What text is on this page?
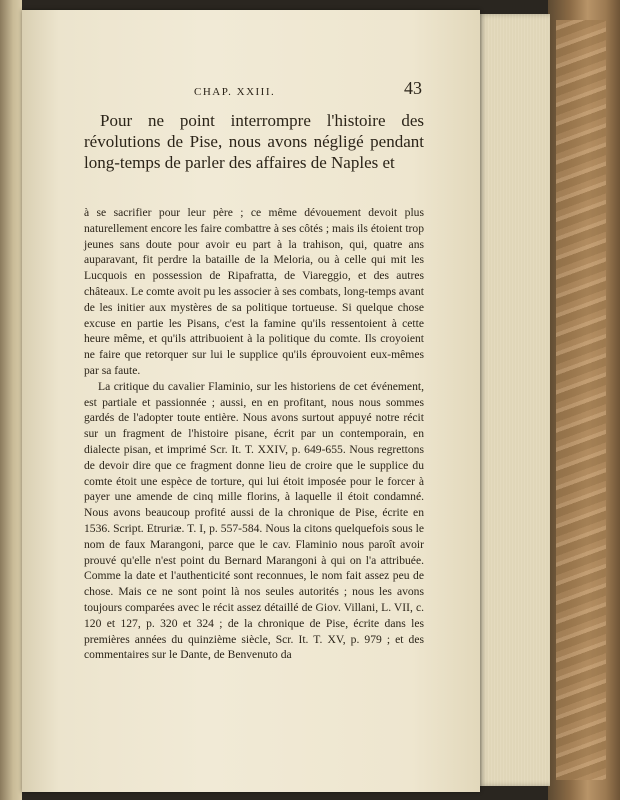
CHAP. XXIII.	43

Pour ne point interrompre l'histoire des révolutions de Pise, nous avons négligé pendant long-temps de parler des affaires de Naples et

à se sacrifier pour leur père ; ce même dévouement devoit plus naturellement encore les faire combattre à ses côtés ; mais ils étoient trop jeunes sans doute pour avoir eu part à la trahison, qui, quatre ans auparavant, fit perdre la bataille de la Meloria, ou à celle qui mit les Lucquois en possession de Ripafratta, de Viareggio, et des autres châteaux. Le comte avoit pu les associer à ses combats, long-temps avant de les initier aux mystères de sa politique tortueuse. Si quelque chose excuse en partie les Pisans, c'est la famine qu'ils ressentoient à cette heure même, et qu'ils attribuoient à la politique du comte. Ils croyoient ne faire que retorquer sur lui le supplice qu'ils éprouvoient eux-mêmes par sa faute.

La critique du cavalier Flaminio, sur les historiens de cet événement, est partiale et passionnée ; aussi, en en profitant, nous nous sommes gardés de l'adopter toute entière. Nous avons surtout appuyé notre récit sur un fragment de l'histoire pisane, écrit par un contemporain, en dialecte pisan, et imprimé Scr. It. T. XXIV, p. 649-655. Nous regrettons de devoir dire que ce fragment donne lieu de croire que le supplice du comte étoit une espèce de torture, qui lui étoit imposée pour le forcer à payer une amende de cinq mille florins, à laquelle il étoit condamné. Nous avons beaucoup profité aussi de la chronique de Pise, écrite en 1536. Script. Etruriæ. T. I, p. 557-584. Nous la citons quelquefois sous le nom de faux Marangoni, parce que le cav. Flaminio nous paroît avoir prouvé qu'elle n'est point du Bernard Marangoni à qui on l'a attribuée. Comme la date et l'authenticité sont reconnues, le nom fait assez peu de chose. Mais ce ne sont point là nos seules autorités ; nous les avons toujours comparées avec le récit assez détaillé de Giov. Villani, L. VII, c. 120 et 127, p. 320 et 324 ; de la chronique de Pise, écrite dans les premières années du quinzième siècle, Scr. It. T. XV, p. 979 ; et des commentaires sur le Dante, de Benvenuto da
